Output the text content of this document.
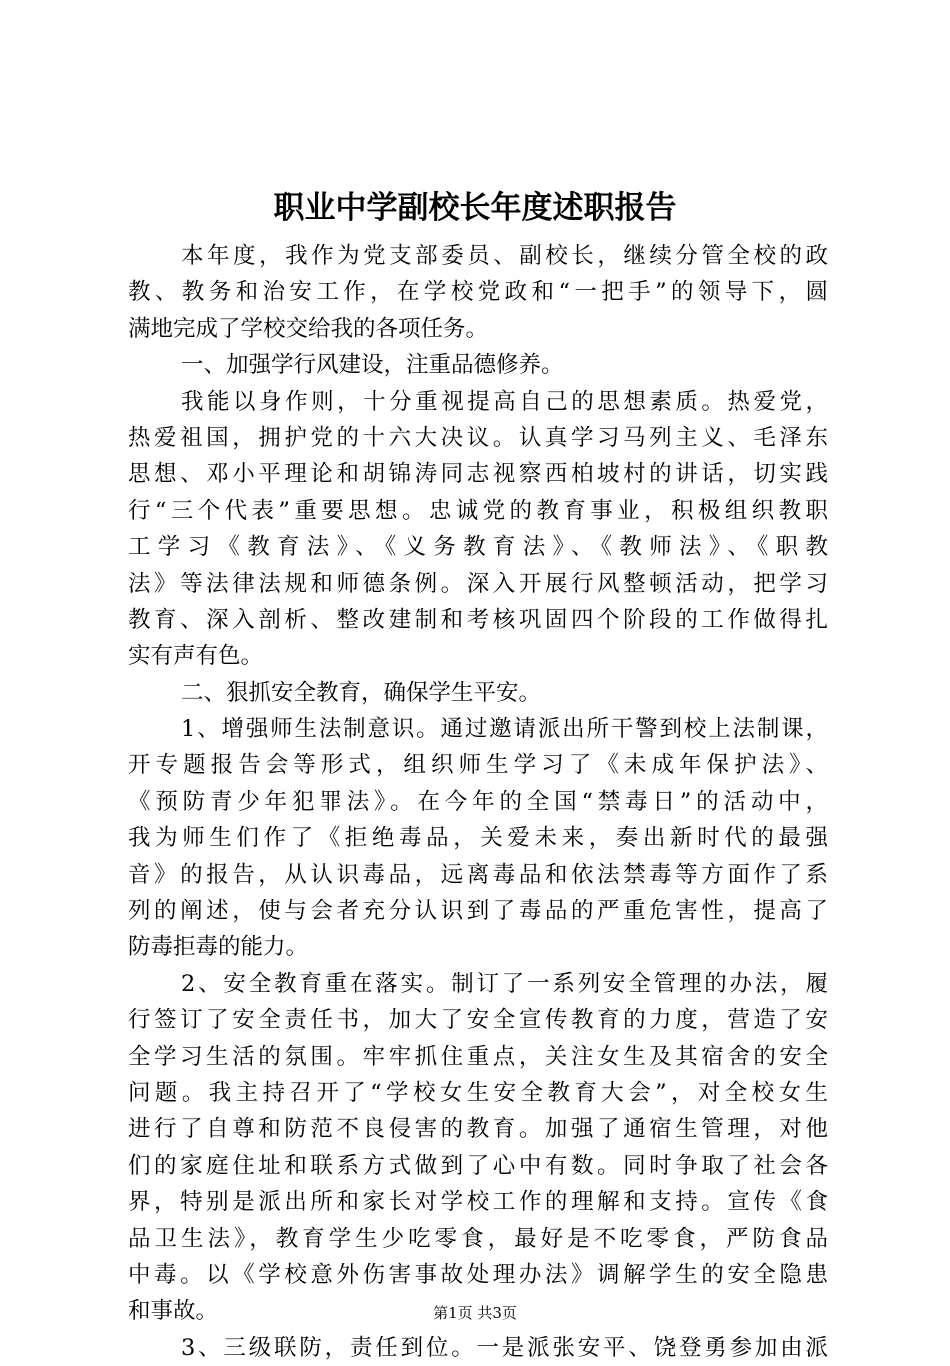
职业中学副校长年度述职报告
本年度，我作为党支部委员、副校长，继续分管全校的政
教、教务和治安工作，在学校党政和“一把手”的领导下，圆
满地完成了学校交给我的各项任务。
一、加强学行风建设，注重品德修养。
我能以身作则，十分重视提高自己的思想素质。热爱党，
热爱祖国，拥护党的十六大决议。认真学习马列主义、毛泽东
思想、邓小平理论和胡锦涛同志视察西柏坡村的讲话，切实践
行“三个代表”重要思想。忠诚党的教育事业，积极组织教职
工学习《教育法》、《义务教育法》、《教师法》、《职教
法》等法律法规和师德条例。深入开展行风整顿活动，把学习
教育、深入剖析、整改建制和考核巩固四个阶段的工作做得扎
实有声有色。
二、狠抓安全教育，确保学生平安。
1、增强师生法制意识。通过邀请派出所干警到校上法制课，
开专题报告会等形式，组织师生学习了《未成年保护法》、
《预防青少年犯罪法》。在今年的全国“禁毒日”的活动中，
我为师生们作了《拒绝毒品，关爱未来，奏出新时代的最强
音》的报告，从认识毒品，远离毒品和依法禁毒等方面作了系
列的阐述，使与会者充分认识到了毒品的严重危害性，提高了
防毒拒毒的能力。
2、安全教育重在落实。制订了一系列安全管理的办法，履
行签订了安全责任书，加大了安全宣传教育的力度，营造了安
全学习生活的氛围。牢牢抓住重点，关注女生及其宿舍的安全
问题。我主持召开了“学校女生安全教育大会”，对全校女生
进行了自尊和防范不良侵害的教育。加强了通宿生管理，对他
们的家庭住址和联系方式做到了心中有数。同时争取了社会各
界，特别是派出所和家长对学校工作的理解和支持。宣传《食
品卫生法》，教育学生少吃零食，最好是不吃零食，严防食品
中毒。以《学校意外伤害事故处理办法》调解学生的安全隐患
和事故。
3、三级联防，责任到位。一是派张安平、饶登勇参加由派
第1页 共3页
